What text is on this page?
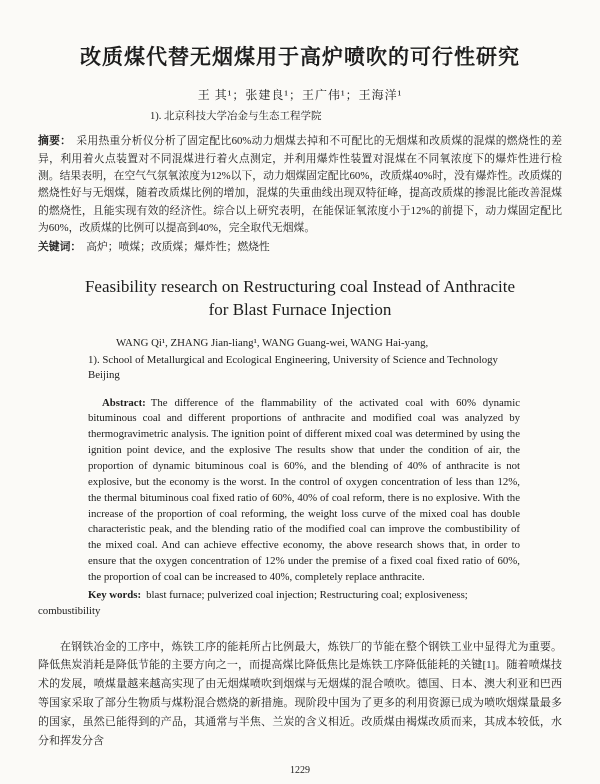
改质煤代替无烟煤用于高炉喷吹的可行性研究
王 其¹；张建良¹；王广伟¹；王海洋¹
1). 北京科技大学冶金与生态工程学院

摘要： 采用热重分析仪分析了固定配比60%动力烟煤去掉和不可配比的无烟煤和改质煤的混煤的燃烧性的差异，利用着火点装置对不同混煤进行着火点测定，并利用爆炸性装置对混煤在不同氧浓度下的爆炸性进行检测。结果表明，在空气气氛氧浓度为12%以下，动力烟煤固定配比60%，改质煤40%时，没有爆炸性。改质煤的燃烧性好与无烟煤，随着改质煤比例的增加，混煤的失重曲线出现双特征峰，提高改质煤的掺混比能改善混煤的燃烧性，且能实现有效的经济性。综合以上研究表明，在能保证氧浓度小于12%的前提下，动力煤固定配比为60%，改质煤的比例可以提高到40%，完全取代无烟煤。

关键词： 高炉；喷煤；改质煤；爆炸性；燃烧性

Feasibility research on Restructuring coal Instead of Anthracite for Blast Furnace Injection
WANG Qi¹, ZHANG Jian-liang¹, WANG Guang-wei, WANG Hai-yang,
1). School of Metallurgical and Ecological Engineering, University of Science and Technology Beijing

Abstract: The difference of the flammability of the activated coal with 60% dynamic bituminous coal and different proportions of anthracite and modified coal was analyzed by thermogravimetric analysis. The ignition point of different mixed coal was determined by using the ignition point device, and the explosive The results show that under the condition of air, the proportion of dynamic bituminous coal is 60%, and the blending of 40% of anthracite is not explosive, but the economy is the worst. In the control of oxygen concentration of less than 12%, the thermal bituminous coal fixed ratio of 60%, 40% of coal reform, there is no explosive. With the increase of the proportion of coal reforming, the weight loss curve of the mixed coal has double characteristic peak, and the blending ratio of the modified coal can improve the combustibility of the mixed coal. And can achieve effective economy, the above research shows that, in order to ensure that the oxygen concentration of 12% under the premise of a fixed coal fixed ratio of 60%, the proportion of coal can be increased to 40%, completely replace anthracite.

Key words: blast furnace; pulverized coal injection; Restructuring coal; explosiveness; combustibility

在钢铁冶金的工序中，炼铁工序的能耗所占比例最大，炼铁厂的节能在整个钢铁工业中显得尤为重要。降低焦炭消耗是降低节能的主要方向之一，而提高煤比降低焦比是炼铁工序降低能耗的关键[1]。随着喷煤技术的发展，喷煤量越来越高实现了由无烟煤喷吹到烟煤与无烟煤的混合喷吹。德国、日本、澳大利亚和巴西等国家采取了部分生物质与煤粉混合燃烧的新措施。现阶段中国为了更多的利用资源已成为喷吹烟煤量最多的国家，虽然已能得到的产品，其通常与半焦、兰炭的含义相近。改质煤由褐煤改质而来，其成本较低，水分和挥发分含

1229
